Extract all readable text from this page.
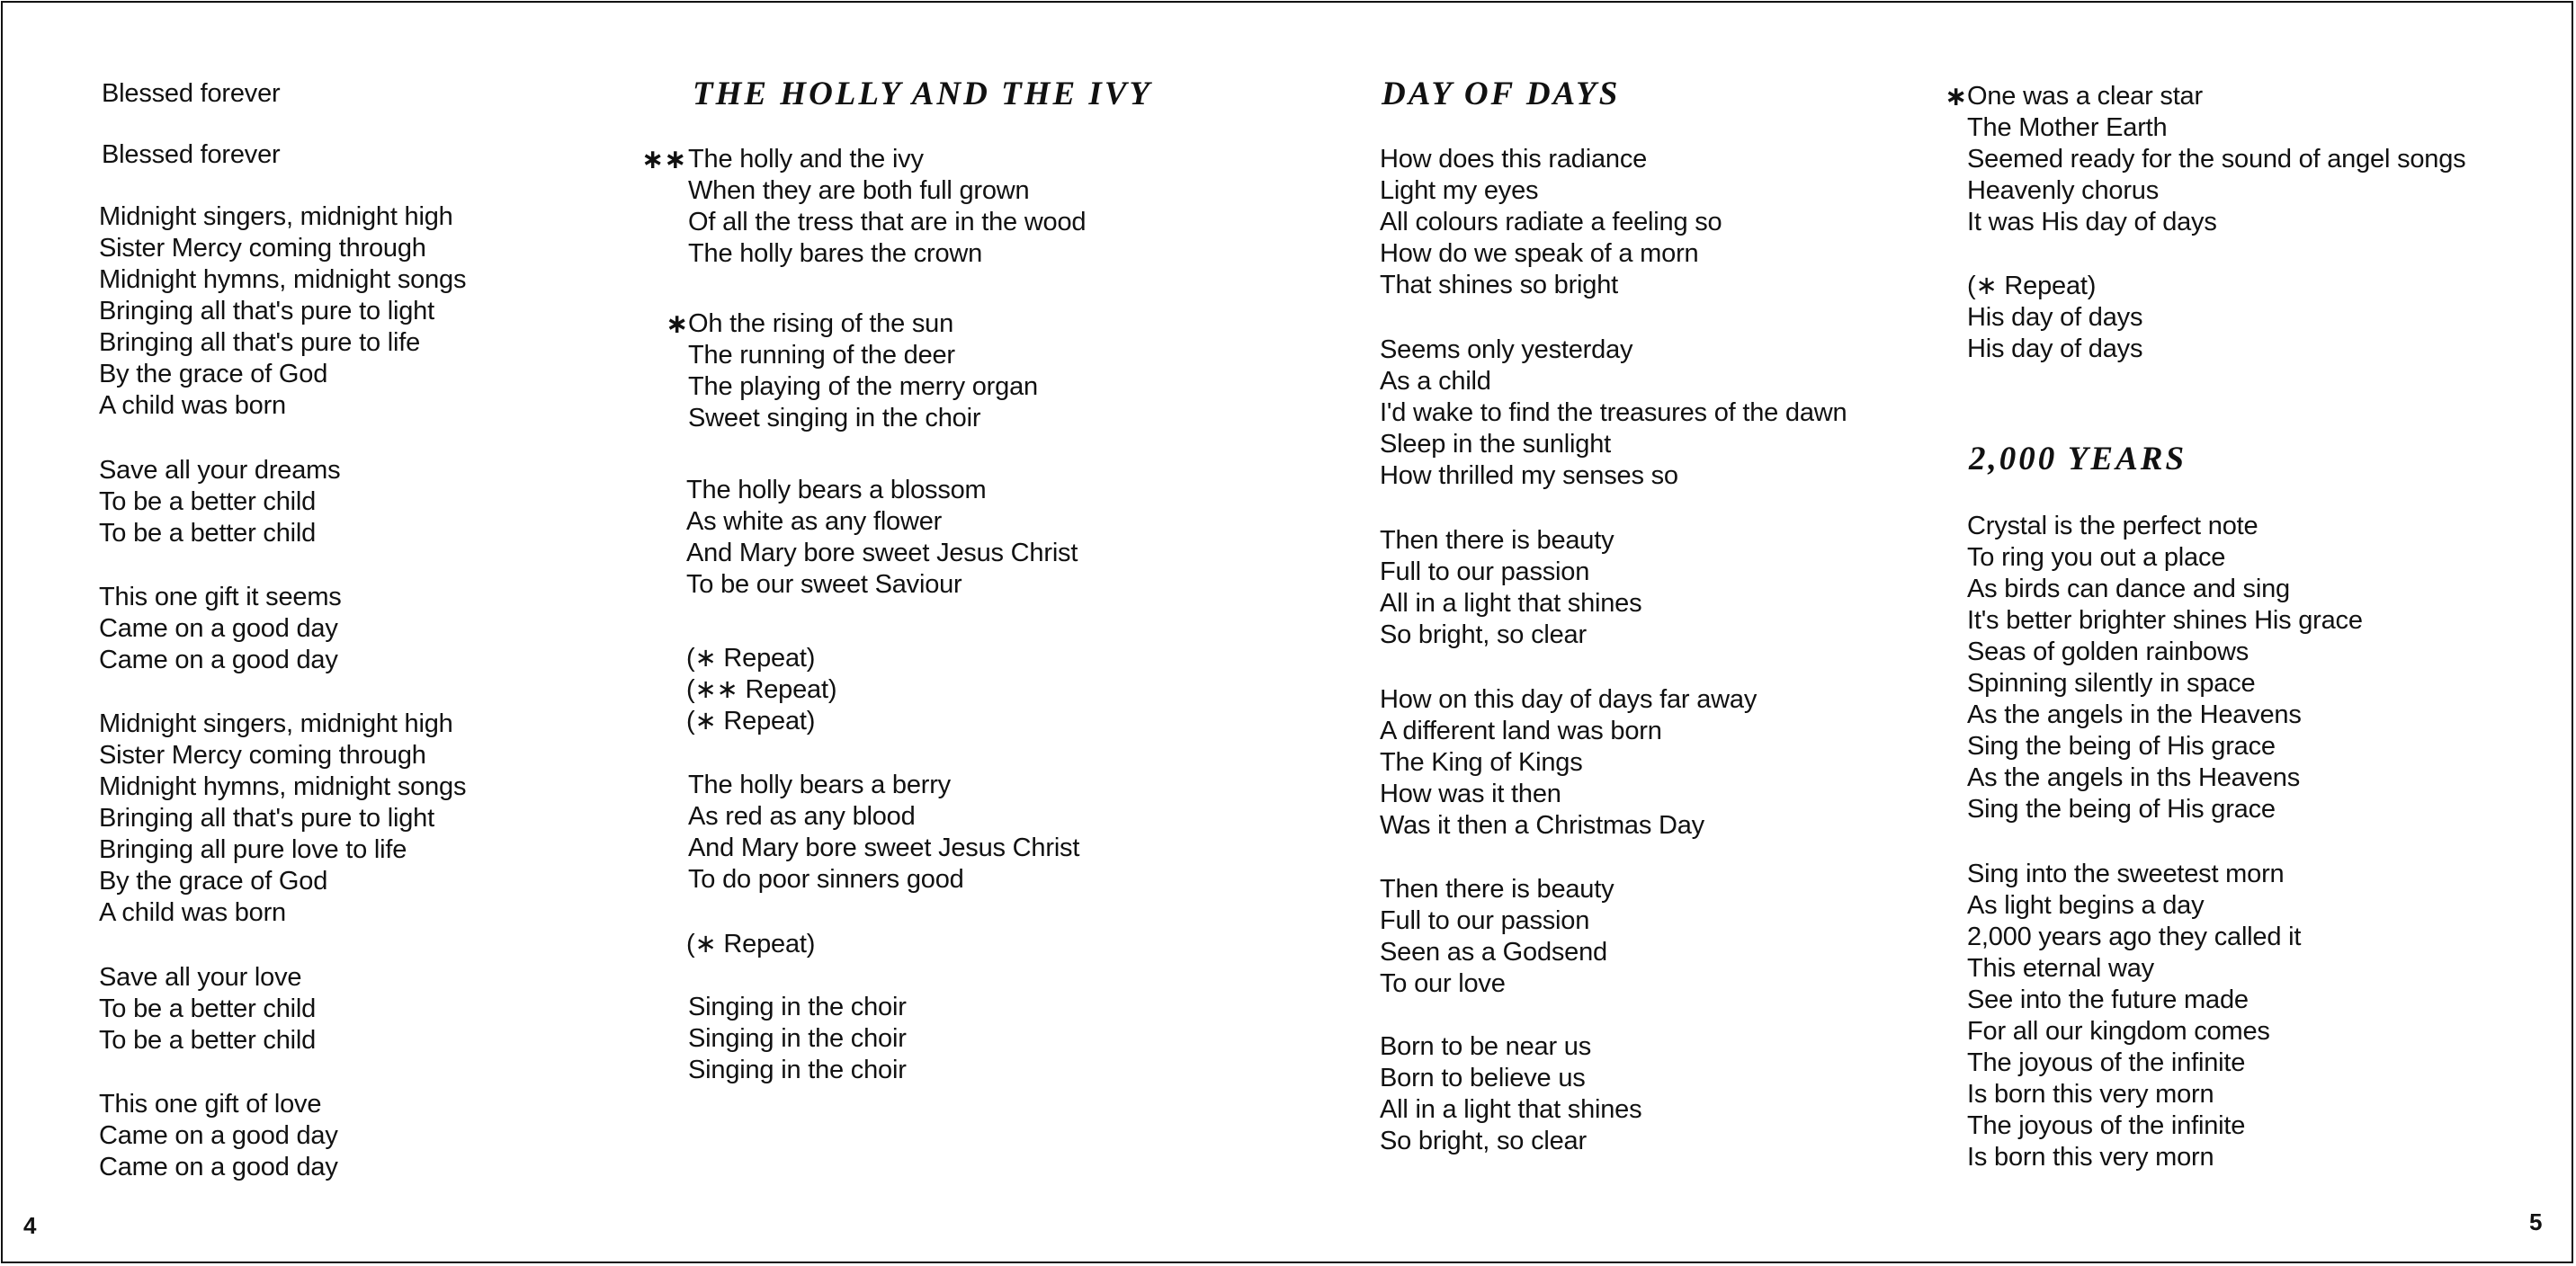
Blessed forever
Blessed forever
Midnight singers, midnight high
Sister Mercy coming through
Midnight hymns, midnight songs
Bringing all that's pure to light
Bringing all that's pure to life
By the grace of God
A child was born
Save all your dreams
To be a better child
To be a better child
This one gift it seems
Came on a good day
Came on a good day
Midnight singers, midnight high
Sister Mercy coming through
Midnight hymns, midnight songs
Bringing all that's pure to light
Bringing all pure love to life
By the grace of God
A child was born
Save all your love
To be a better child
To be a better child
This one gift of love
Came on a good day
Came on a good day
THE HOLLY AND THE IVY
∗∗ The holly and the ivy
When they are both full grown
Of all the tress that are in the wood
The holly bares the crown
∗ Oh the rising of the sun
The running of the deer
The playing of the merry organ
Sweet singing in the choir
The holly bears a blossom
As white as any flower
And Mary bore sweet Jesus Christ
To be our sweet Saviour
(∗ Repeat)
(∗∗ Repeat)
(∗ Repeat)
The holly bears a berry
As red as any blood
And Mary bore sweet Jesus Christ
To do poor sinners good
(∗ Repeat)
Singing in the choir
Singing in the choir
Singing in the choir
DAY OF DAYS
How does this radiance
Light my eyes
All colours radiate a feeling so
How do we speak of a morn
That shines so bright
Seems only yesterday
As a child
I'd wake to find the treasures of the dawn
Sleep in the sunlight
How thrilled my senses so
Then there is beauty
Full to our passion
All in a light that shines
So bright, so clear
How on this day of days far away
A different land was born
The King of Kings
How was it then
Was it then a Christmas Day
Then there is beauty
Full to our passion
Seen as a Godsend
To our love
Born to be near us
Born to believe us
All in a light that shines
So bright, so clear
∗ One was a clear star
The Mother Earth
Seemed ready for the sound of angel songs
Heavenly chorus
It was His day of days
(∗ Repeat)
His day of days
His day of days
2,000 YEARS
Crystal is the perfect note
To ring you out a place
As birds can dance and sing
It's better brighter shines His grace
Seas of golden rainbows
Spinning silently in space
As the angels in the Heavens
Sing the being of His grace
As the angels in ths Heavens
Sing the being of His grace
Sing into the sweetest morn
As light begins a day
2,000 years ago they called it
This eternal way
See into the future made
For all our kingdom comes
The joyous of the infinite
Is born this very morn
The joyous of the infinite
Is born this very morn
4	5
